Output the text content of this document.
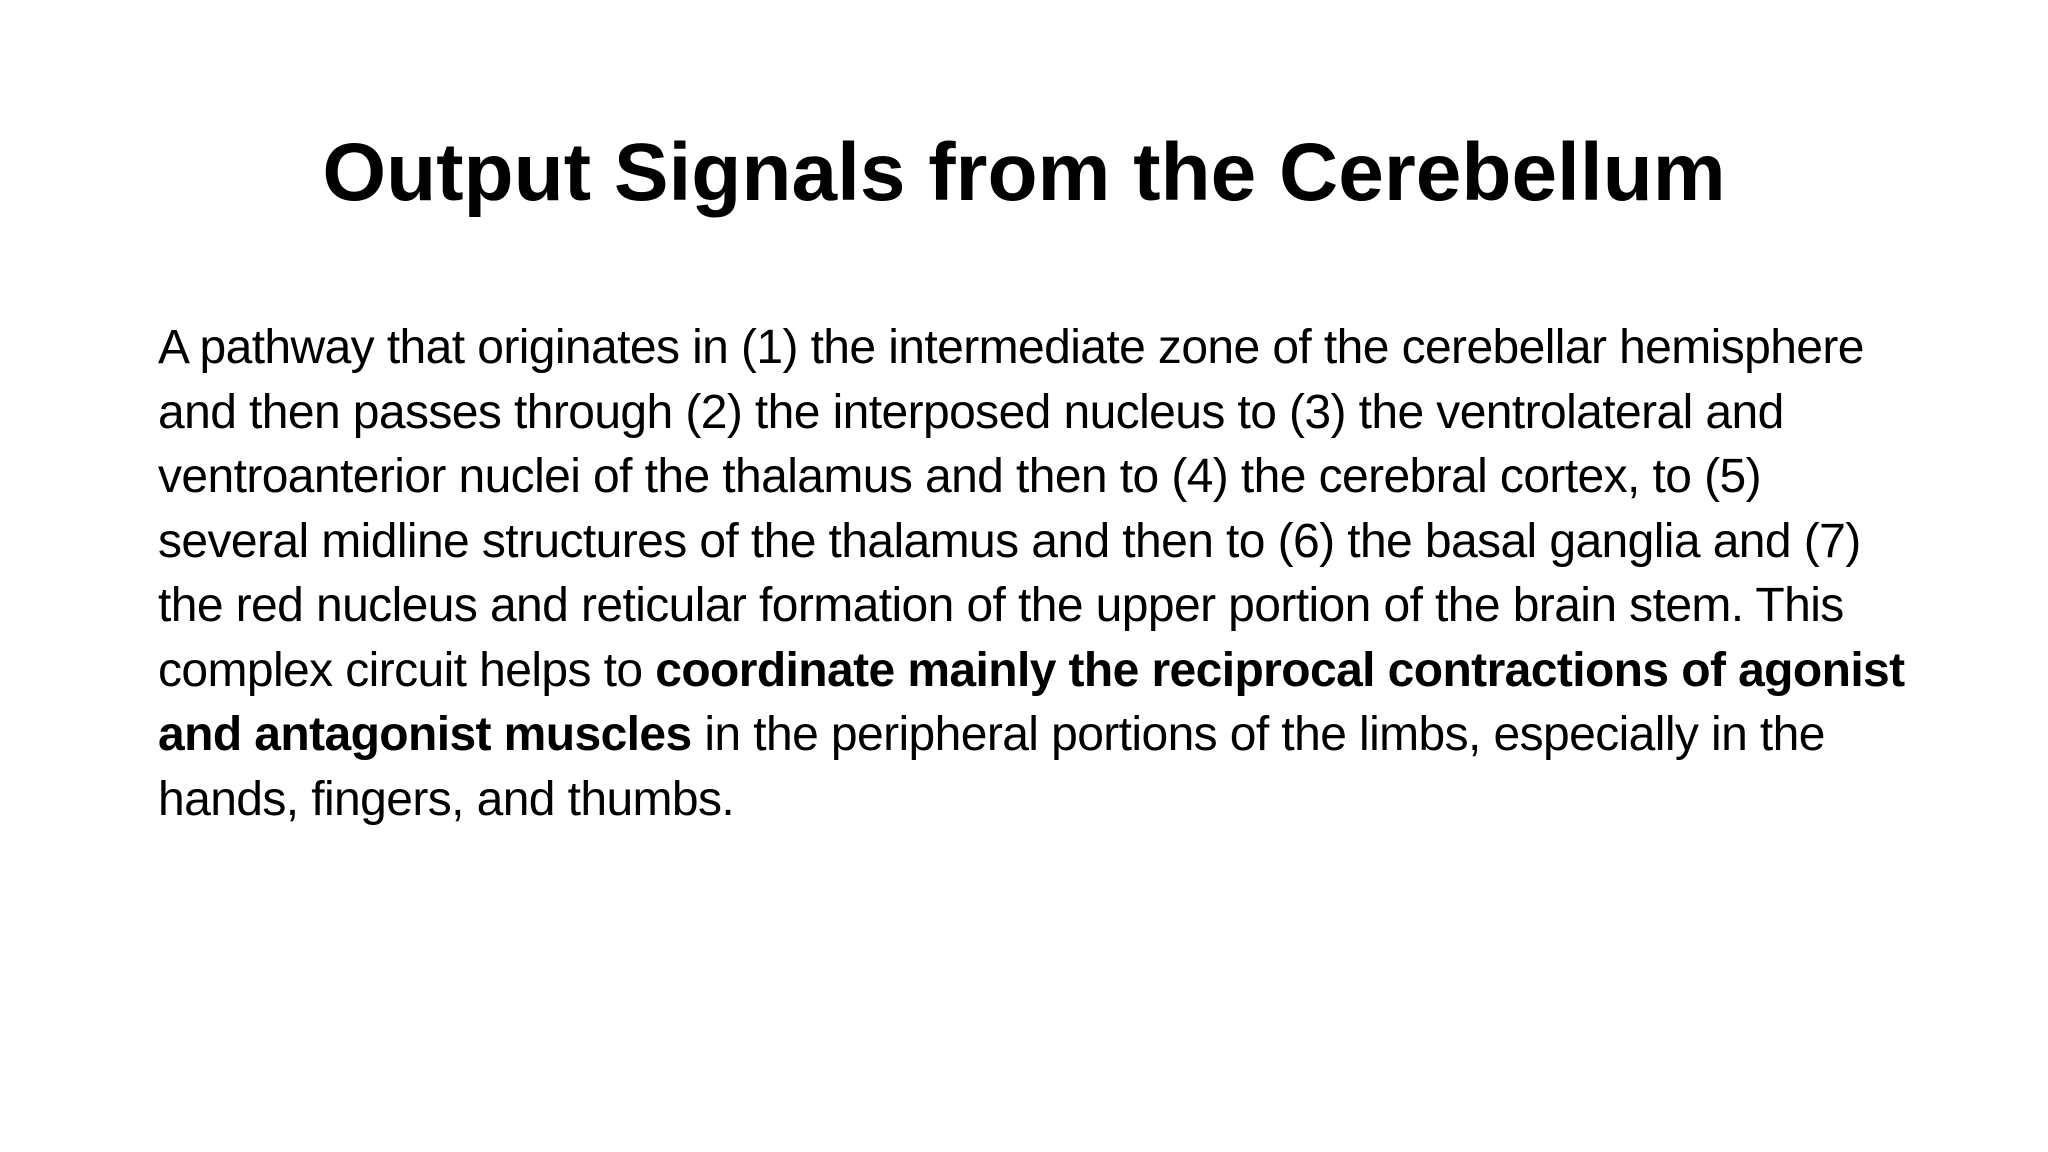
Output Signals from the Cerebellum

A pathway that originates in (1) the intermediate zone of the cerebellar hemisphere and then passes through (2) the interposed nucleus to (3) the ventrolateral and ventroanterior nuclei of the thalamus and then to (4) the cerebral cortex, to (5) several midline structures of the thalamus and then to (6) the basal ganglia and (7) the red nucleus and reticular formation of the upper portion of the brain stem. This complex circuit helps to coordinate mainly the reciprocal contractions of agonist and antagonist muscles in the peripheral portions of the limbs, especially in the hands, fingers, and thumbs.
